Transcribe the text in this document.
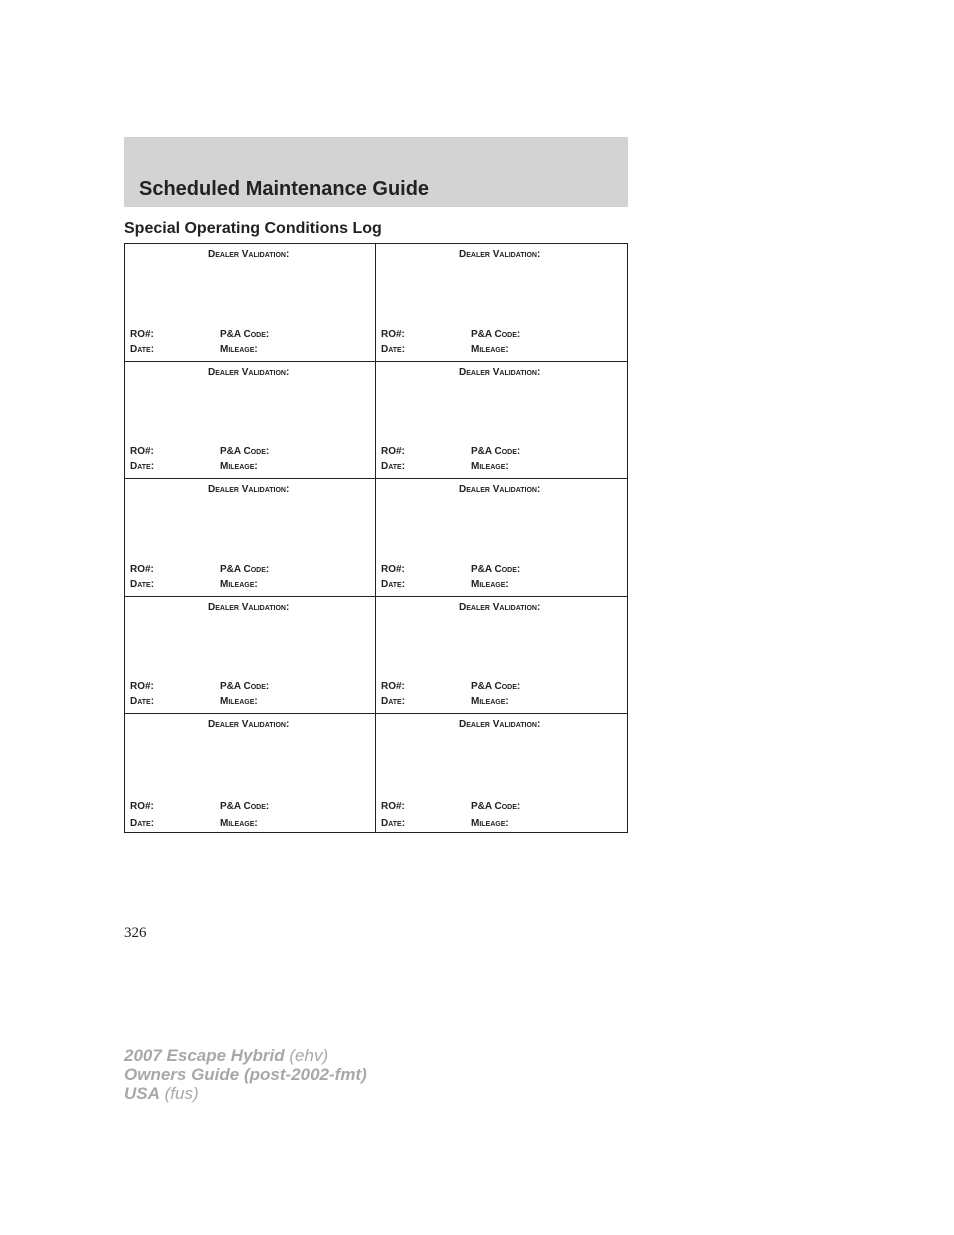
Scheduled Maintenance Guide
Special Operating Conditions Log
Dealer Validation:
RO#:	P&A Code:
Date:	Mileage:
Dealer Validation:
RO#:	P&A Code:
Date:	Mileage:
Dealer Validation:
RO#:	P&A Code:
Date:	Mileage:
Dealer Validation:
RO#:	P&A Code:
Date:	Mileage:
Dealer Validation:
RO#:	P&A Code:
Date:	Mileage:
Dealer Validation:
RO#:	P&A Code:
Date:	Mileage:
Dealer Validation:
RO#:	P&A Code:
Date:	Mileage:
Dealer Validation:
RO#:	P&A Code:
Date:	Mileage:
Dealer Validation:
RO#:	P&A Code:
Date:	Mileage:
Dealer Validation:
RO#:	P&A Code:
Date:	Mileage:
326
2007 Escape Hybrid (ehv)
Owners Guide (post-2002-fmt)
USA (fus)
